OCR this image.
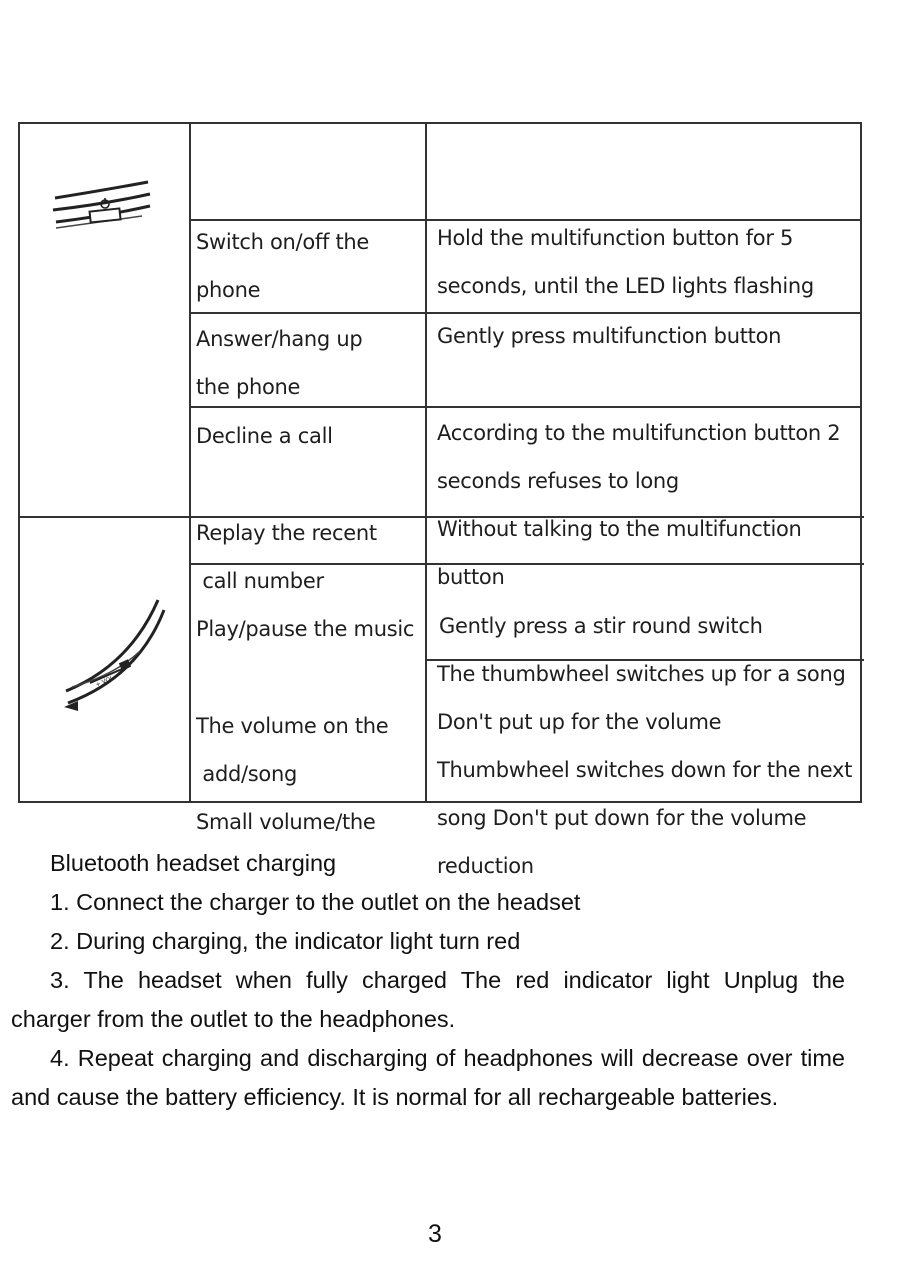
+ VOL -

Switch on/off the
phone

Hold the multifunction button for 5
seconds, until the LED lights flashing

Answer/hang up
the phone

Gently press multifunction button

Decline a call

	According to the multifunction button 2
seconds refuses to long

Replay the recent
call number

Without talking to the multifunction
button

Play/pause the music

Gently press a stir round switch

The volume on the
add/song
Small volume/the

The thumbwheel switches up for a song
Don't put up for the volume
Thumbwheel switches down for the next
song Don't put down for the volume
reduction

Bluetooth headset charging

1. Connect the charger to the outlet on the headset

2. During charging, the indicator light turn red

3. The headset when fully charged The red indicator light Unplug the charger from the outlet to the headphones.

4. Repeat charging and discharging of headphones will decrease over time and cause the battery efficiency. It is normal for all rechargeable batteries.

3
